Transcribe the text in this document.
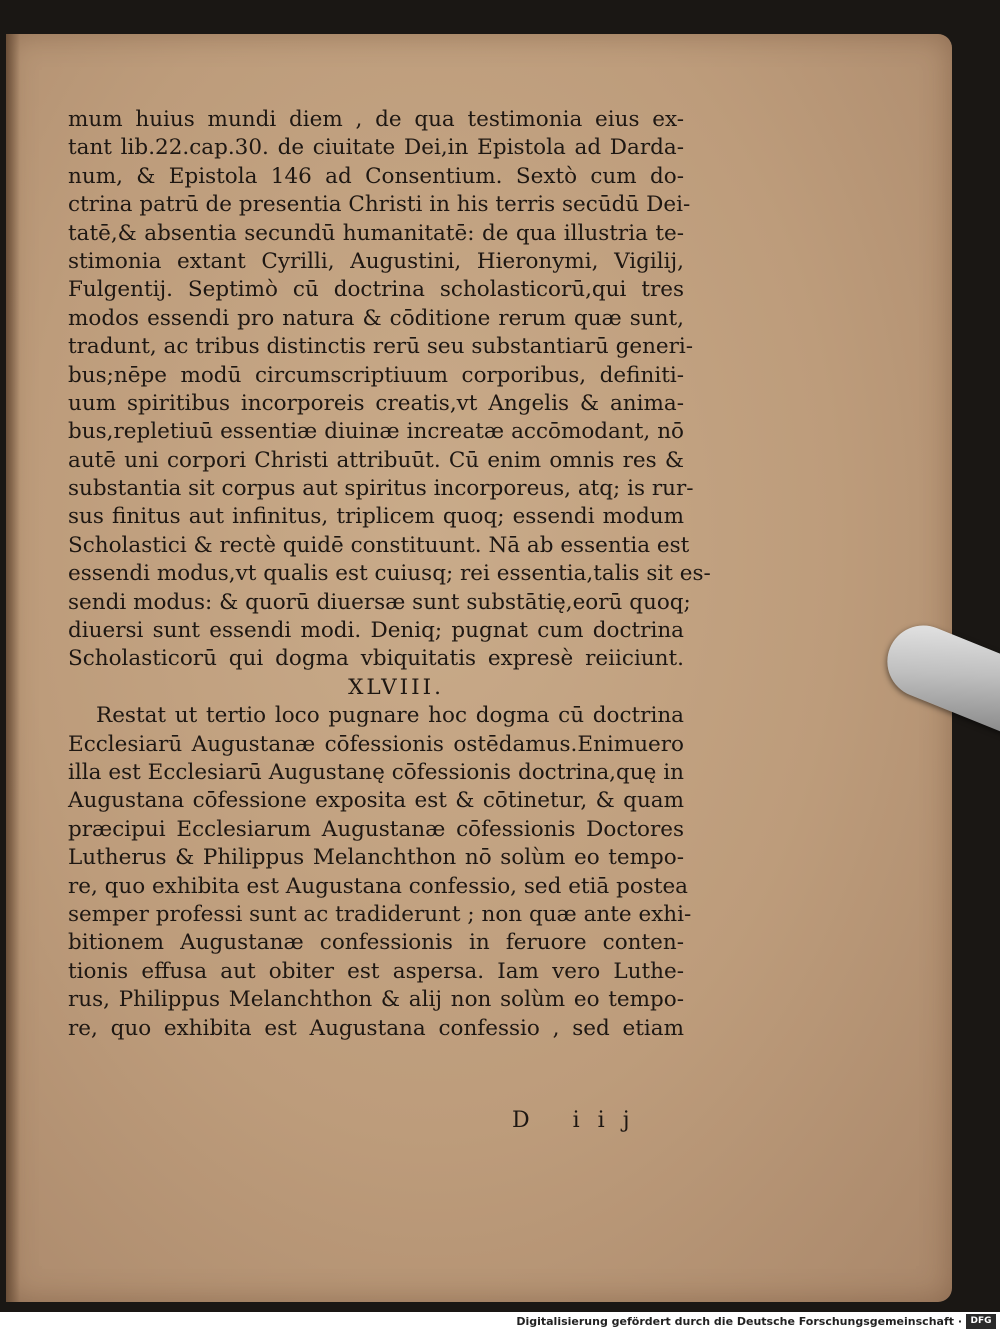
mum huius mundi diem , de qua testimonia eius ex-
tant lib.22.cap.30. de ciuitate Dei,in Epistola ad Dardа-
num, & Epistola 146 ad Consentium. Sextò cum do-
ctrina patrū de presentia Christi in his terris secūdū Dei-
tatē,& absentia secundū humanitatē: de qua illustria te-
stimonia extant Cyrilli, Augustini, Hieronymi, Vigilij,
Fulgentij. Septimò cū doctrina scholasticorū,qui tres
modos essendi pro natura & cōditione rerum quæ sunt,
tradunt, ac tribus distinctis rerū seu substantiarū generi-
bus;nēpe modū circumscriptiuum corporibus, definiti-
uum spiritibus incorporeis creatis,vt Angelis & anima-
bus,repletiuū essentiæ diuinæ increatæ accōmodant, nō
autē uni corpori Christi attribuūt. Cū enim omnis res &
substantia sit corpus aut spiritus incorporeus, atq; is rur-
sus finitus aut infinitus, triplicem quoq; essendi modum
Scholastici & rectè quidē constituunt. Nā ab essentia est
essendi modus,vt qualis est cuiusq; rei essentia,talis sit es-
sendi modus: & quorū diuersæ sunt substātię,eorū quoq;
diuersi sunt essendi modi. Deniq; pugnat cum doctrina
Scholasticorū qui dogma vbiquitatis expresè reiiciunt.
XLVIII.
Restat ut tertio loco pugnare hoc dogma cū doctrina
Ecclesiarū Augustanæ cōfessionis ostēdamus.Enimuero
illa est Ecclesiarū Augustanę cōfessionis doctrina,quę in
Augustana cōfessione exposita est & cōtinetur, & quam
præcipui Ecclesiarum Augustanæ cōfessionis Doctores
Lutherus & Philippus Melanchthon nō solùm eo tempo-
re, quo exhibita est Augustana confessio, sed etiā postea
semper professi sunt ac tradiderunt ; non quæ ante exhi-
bitionem Augustanæ confessionis in feruore conten-
tionis effusa aut obiter est aspersa. Iam vero Luthe-
rus, Philippus Melanchthon & alij non solùm eo tempo-
re, quo exhibita est Augustana confessio , sed etiam
D iij
Digitalisierung gefördert durch die Deutsche Forschungsgemeinschaft · DFG
